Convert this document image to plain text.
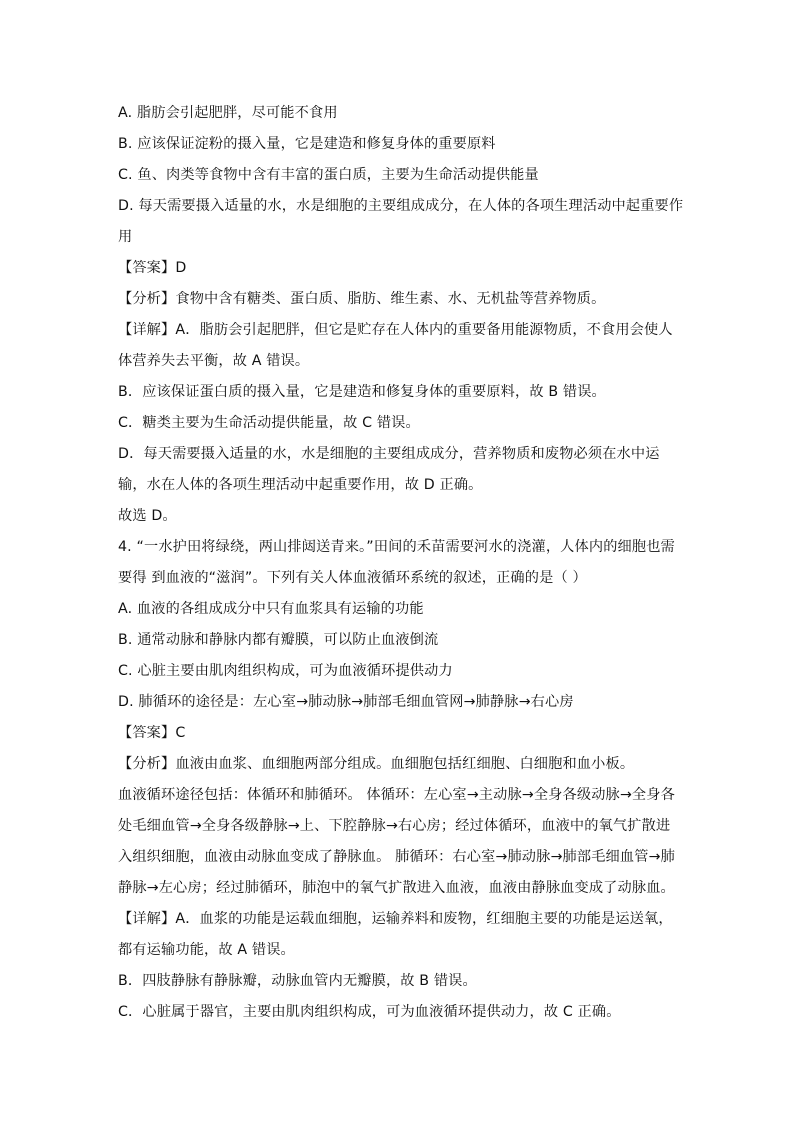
A. 脂肪会引起肥胖，尽可能不食用
B. 应该保证淀粉的摄入量，它是建造和修复身体的重要原料
C. 鱼、肉类等食物中含有丰富的蛋白质，主要为生命活动提供能量
D. 每天需要摄入适量的水，水是细胞的主要组成成分，在人体的各项生理活动中起重要作
用
【答案】D
【分析】食物中含有糖类、蛋白质、脂肪、维生素、水、无机盐等营养物质。
【详解】A．脂肪会引起肥胖，但它是贮存在人体内的重要备用能源物质，不食用会使人
体营养失去平衡，故 A 错误。
B．应该保证蛋白质的摄入量，它是建造和修复身体的重要原料，故 B 错误。
C．糖类主要为生命活动提供能量，故 C 错误。
D．每天需要摄入适量的水，水是细胞的主要组成成分，营养物质和废物必须在水中运
输，水在人体的各项生理活动中起重要作用，故 D 正确。
故选 D。
4. “一水护田将绿绕，两山排闼送青来。”田间的禾苗需要河水的浇灌，人体内的细胞也需
要得 到血液的“滋润”。下列有关人体血液循环系统的叙述，正确的是（ ）
A. 血液的各组成成分中只有血浆具有运输的功能
B. 通常动脉和静脉内都有瓣膜，可以防止血液倒流
C. 心脏主要由肌肉组织构成，可为血液循环提供动力
D. 肺循环的途径是：左心室→肺动脉→肺部毛细血管网→肺静脉→右心房
【答案】C
【分析】血液由血浆、血细胞两部分组成。血细胞包括红细胞、白细胞和血小板。
血液循环途径包括：体循环和肺循环。 体循环：左心室→主动脉→全身各级动脉→全身各
处毛细血管→全身各级静脉→上、下腔静脉→右心房；经过体循环，血液中的氧气扩散进
入组织细胞，血液由动脉血变成了静脉血。 肺循环：右心室→肺动脉→肺部毛细血管→肺
静脉→左心房；经过肺循环，肺泡中的氧气扩散进入血液，血液由静脉血变成了动脉血。
【详解】A．血浆的功能是运载血细胞，运输养料和废物，红细胞主要的功能是运送氧，
都有运输功能，故 A 错误。
B．四肢静脉有静脉瓣，动脉血管内无瓣膜，故 B 错误。
C．心脏属于器官，主要由肌肉组织构成，可为血液循环提供动力，故 C 正确。
